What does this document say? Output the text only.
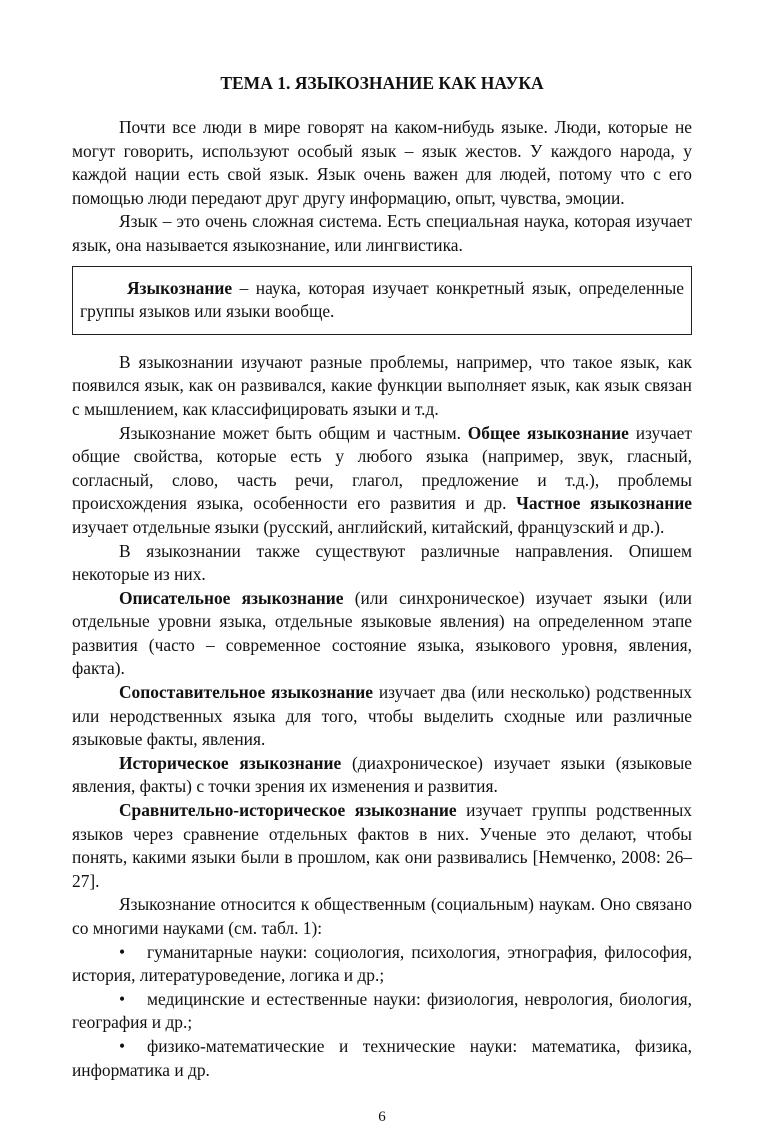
ТЕМА 1. ЯЗЫКОЗНАНИЕ КАК НАУКА

Почти все люди в мире говорят на каком-нибудь языке. Люди, которые не могут говорить, используют особый язык – язык жестов. У каждого народа, у каждой нации есть свой язык. Язык очень важен для людей, потому что с его помощью люди передают друг другу информацию, опыт, чувства, эмоции.

Язык – это очень сложная система. Есть специальная наука, которая изучает язык, она называется языкознание, или лингвистика.

Языкознание – наука, которая изучает конкретный язык, определенные группы языков или языки вообще.

В языкознании изучают разные проблемы, например, что такое язык, как появился язык, как он развивался, какие функции выполняет язык, как язык связан с мышлением, как классифицировать языки и т.д.

Языкознание может быть общим и частным. Общее языкознание изучает общие свойства, которые есть у любого языка (например, звук, гласный, согласный, слово, часть речи, глагол, предложение и т.д.), проблемы происхождения языка, особенности его развития и др. Частное языкознание изучает отдельные языки (русский, английский, китайский, французский и др.).

В языкознании также существуют различные направления. Опишем некоторые из них.

Описательное языкознание (или синхроническое) изучает языки (или отдельные уровни языка, отдельные языковые явления) на определенном этапе развития (часто – современное состояние языка, языкового уровня, явления, факта).

Сопоставительное языкознание изучает два (или несколько) родственных или неродственных языка для того, чтобы выделить сходные или различные языковые факты, явления.

Историческое языкознание (диахроническое) изучает языки (языковые явления, факты) с точки зрения их изменения и развития.

Сравнительно-историческое языкознание изучает группы родственных языков через сравнение отдельных фактов в них. Ученые это делают, чтобы понять, какими языки были в прошлом, как они развивались [Немченко, 2008: 26–27].

Языкознание относится к общественным (социальным) наукам. Оно связано со многими науками (см. табл. 1):

• гуманитарные науки: социология, психология, этнография, философия, история, литературоведение, логика и др.;

• медицинские и естественные науки: физиология, неврология, биология, география и др.;

• физико-математические и технические науки: математика, физика, информатика и др.

6
